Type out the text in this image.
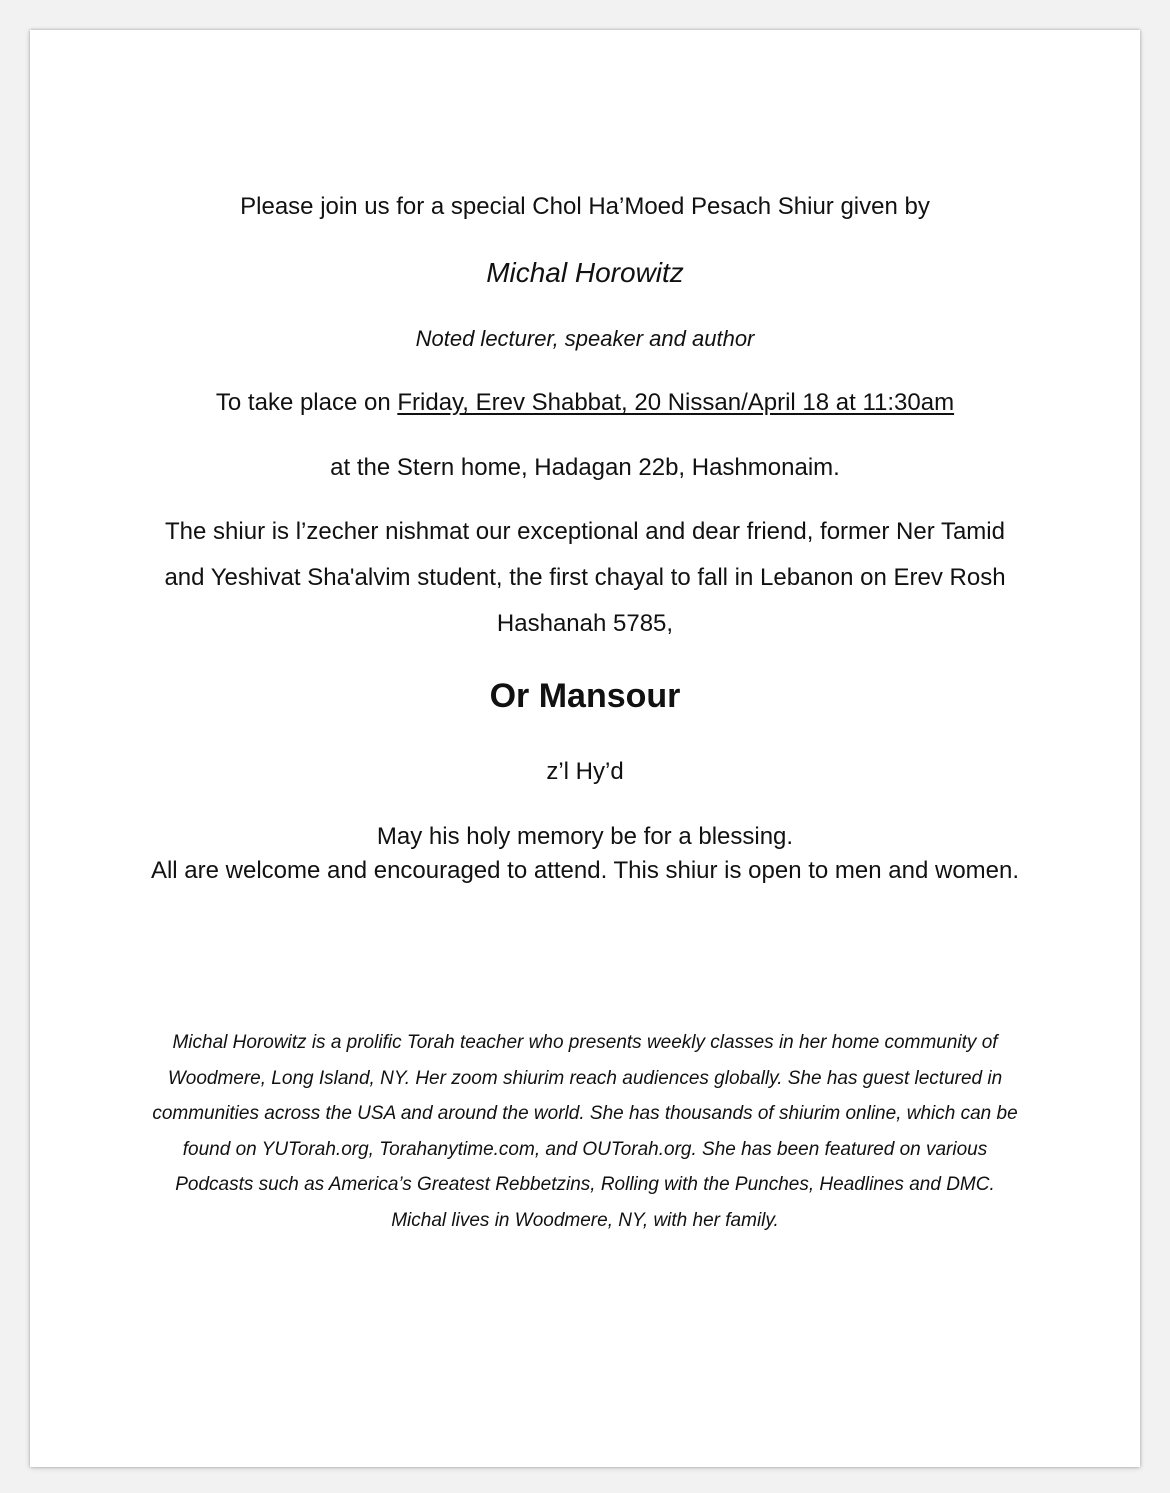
Please join us for a special Chol Ha’Moed Pesach Shiur given by
Michal Horowitz
Noted lecturer, speaker and author
To take place on Friday, Erev Shabbat, 20 Nissan/April 18 at 11:30am
at the Stern home, Hadagan 22b, Hashmonaim.
The shiur is l’zecher nishmat our exceptional and dear friend, former Ner Tamid and Yeshivat Sha'alvim student, the first chayal to fall in Lebanon on Erev Rosh Hashanah 5785,
Or Mansour
z’l Hy’d
May his holy memory be for a blessing.
All are welcome and encouraged to attend. This shiur is open to men and women.
Michal Horowitz is a prolific Torah teacher who presents weekly classes in her home community of Woodmere, Long Island, NY. Her zoom shiurim reach audiences globally. She has guest lectured in communities across the USA and around the world. She has thousands of shiurim online, which can be found on YUTorah.org, Torahanytime.com, and OUTorah.org. She has been featured on various Podcasts such as America’s Greatest Rebbetzins, Rolling with the Punches, Headlines and DMC. Michal lives in Woodmere, NY, with her family.
